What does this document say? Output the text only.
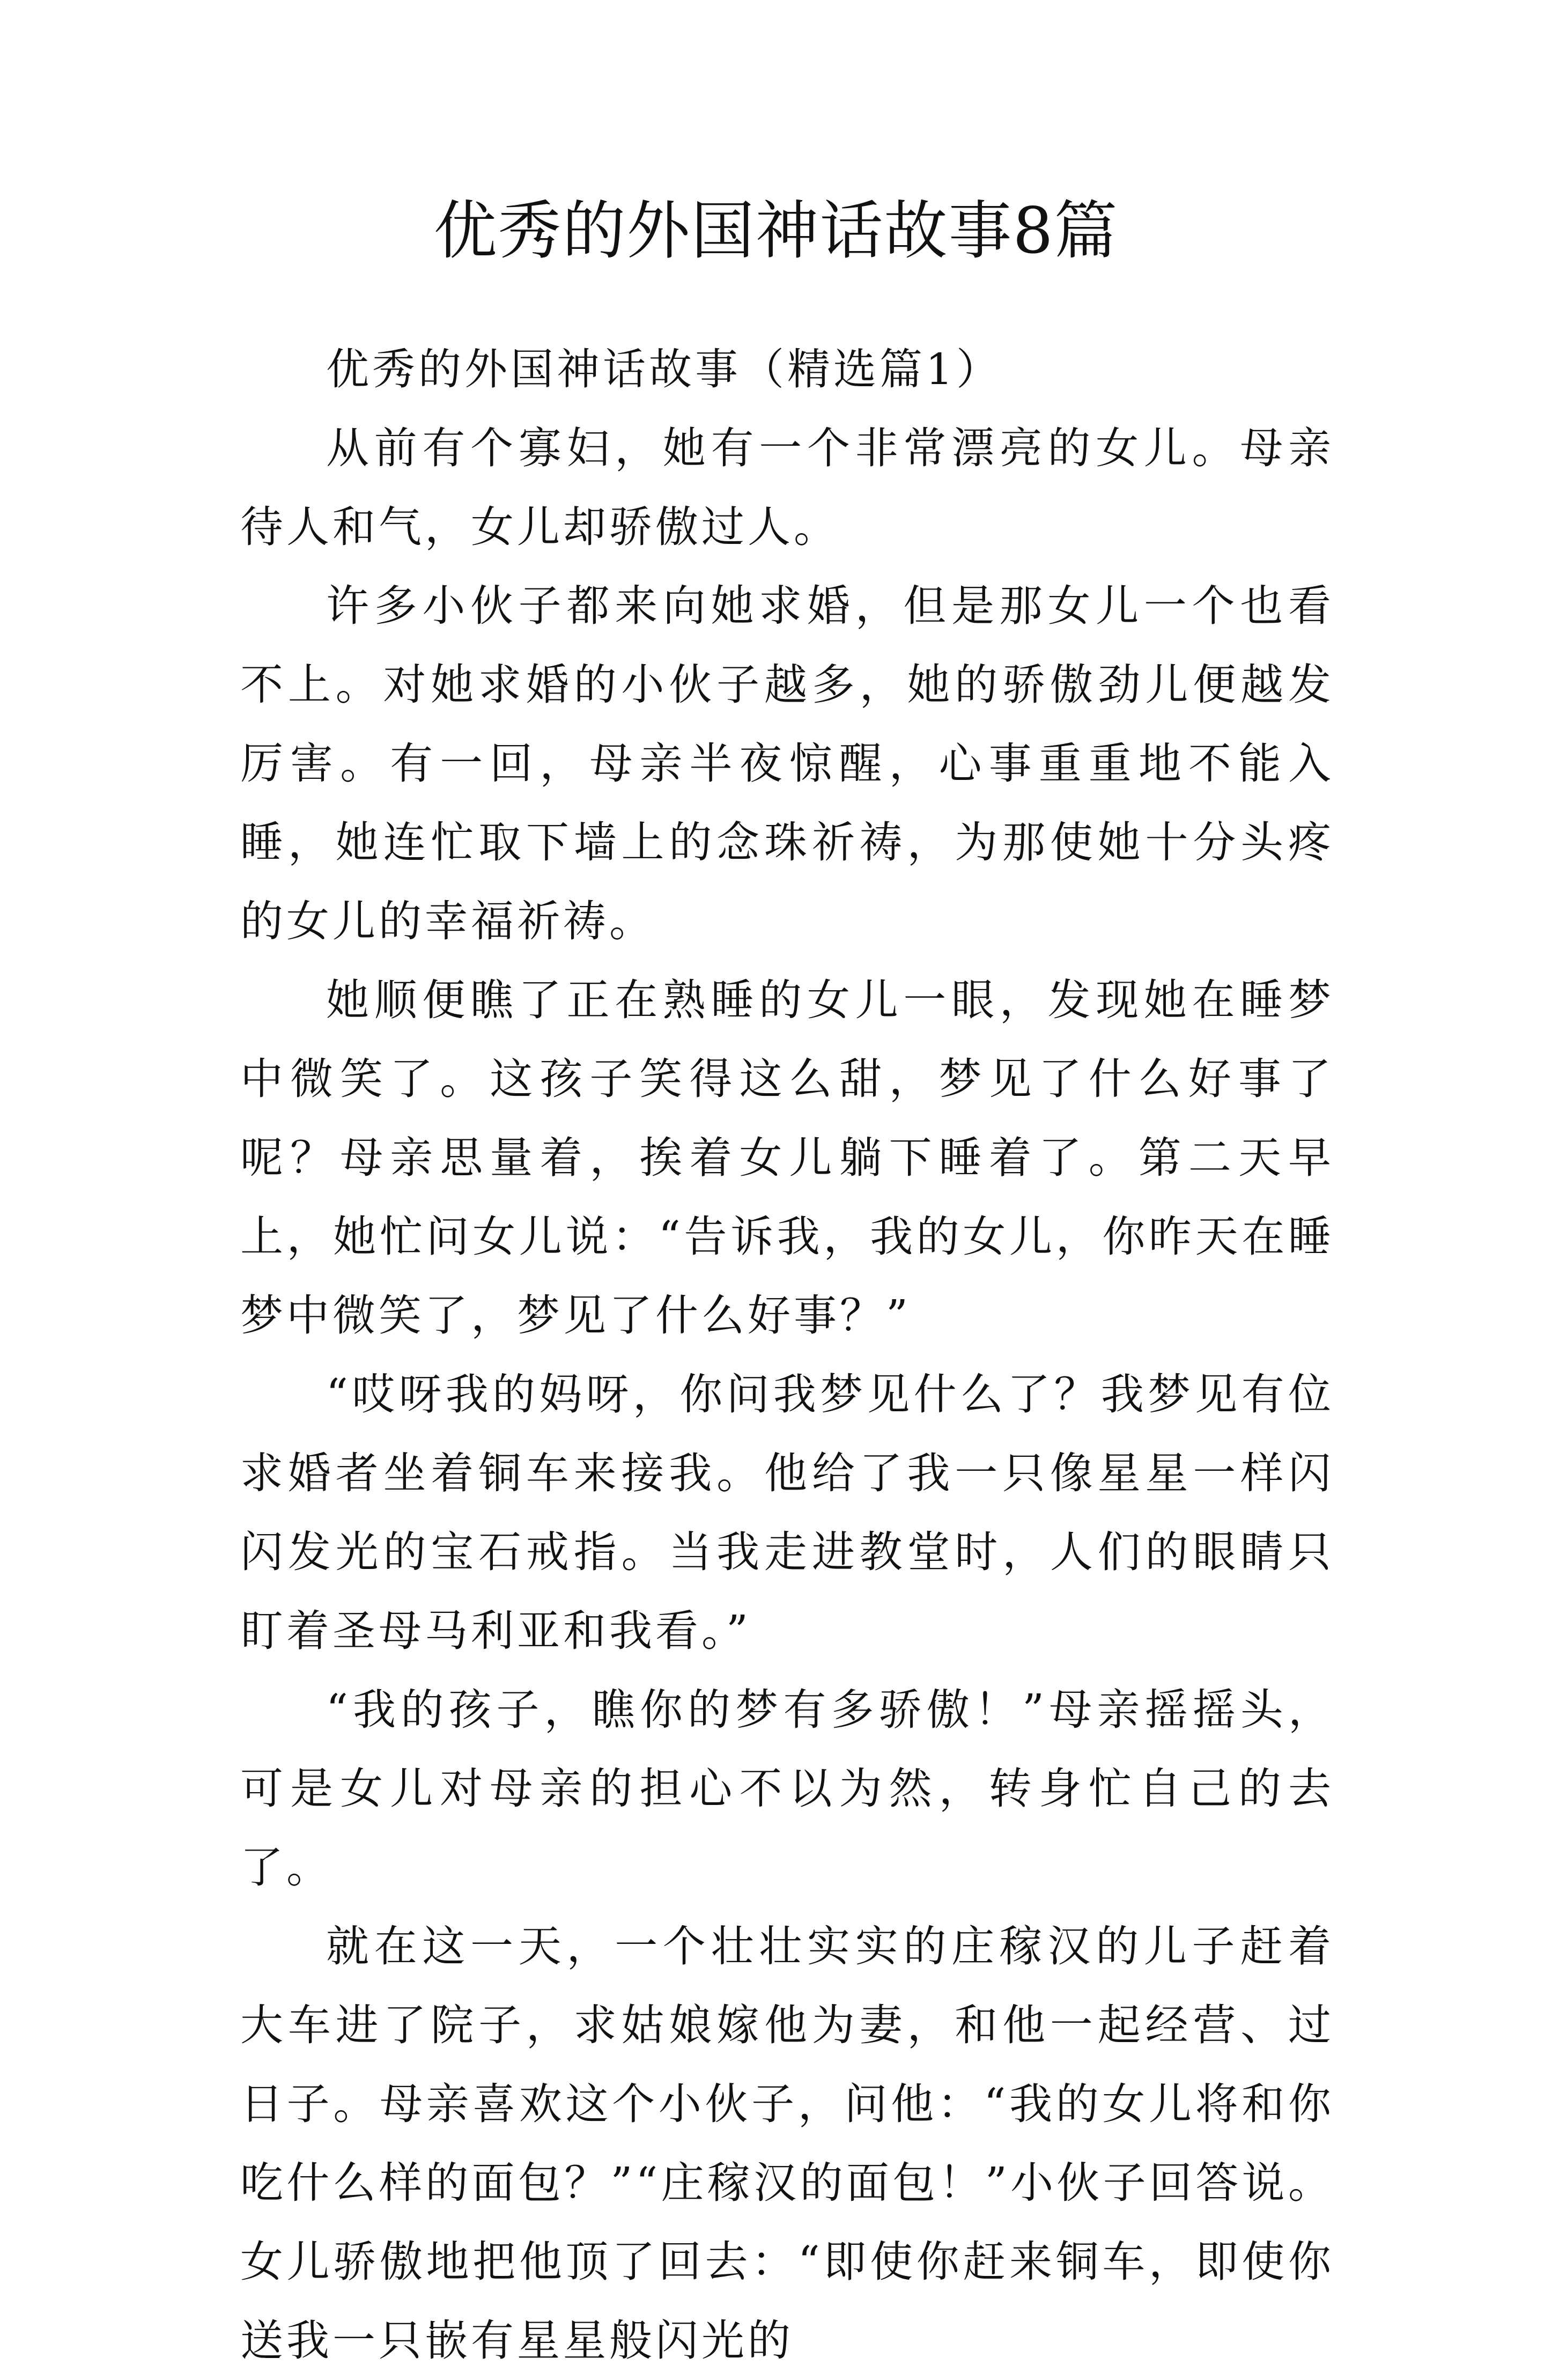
优秀的外国神话故事8篇

优秀的外国神话故事（精选篇1）

从前有个寡妇，她有一个非常漂亮的女儿。母亲待人和气，女儿却骄傲过人。

许多小伙子都来向她求婚，但是那女儿一个也看不上。对她求婚的小伙子越多，她的骄傲劲儿便越发厉害。有一回，母亲半夜惊醒，心事重重地不能入睡，她连忙取下墙上的念珠祈祷，为那使她十分头疼的女儿的幸福祈祷。

她顺便瞧了正在熟睡的女儿一眼，发现她在睡梦中微笑了。这孩子笑得这么甜，梦见了什么好事了呢？母亲思量着，挨着女儿躺下睡着了。第二天早上，她忙问女儿说：“告诉我，我的女儿，你昨天在睡梦中微笑了，梦见了什么好事？”

“哎呀我的妈呀，你问我梦见什么了？我梦见有位求婚者坐着铜车来接我。他给了我一只像星星一样闪闪发光的宝石戒指。当我走进教堂时，人们的眼睛只盯着圣母马利亚和我看。”

“我的孩子，瞧你的梦有多骄傲！”母亲摇摇头，可是女儿对母亲的担心不以为然，转身忙自己的去了。

就在这一天，一个壮壮实实的庄稼汉的儿子赶着大车进了院子，求姑娘嫁他为妻，和他一起经营、过日子。母亲喜欢这个小伙子，问他：“我的女儿将和你吃什么样的面包？”“庄稼汉的面包！”小伙子回答说。女儿骄傲地把他顶了回去：“即使你赶来铜车，即使你送我一只嵌有星星般闪光的
